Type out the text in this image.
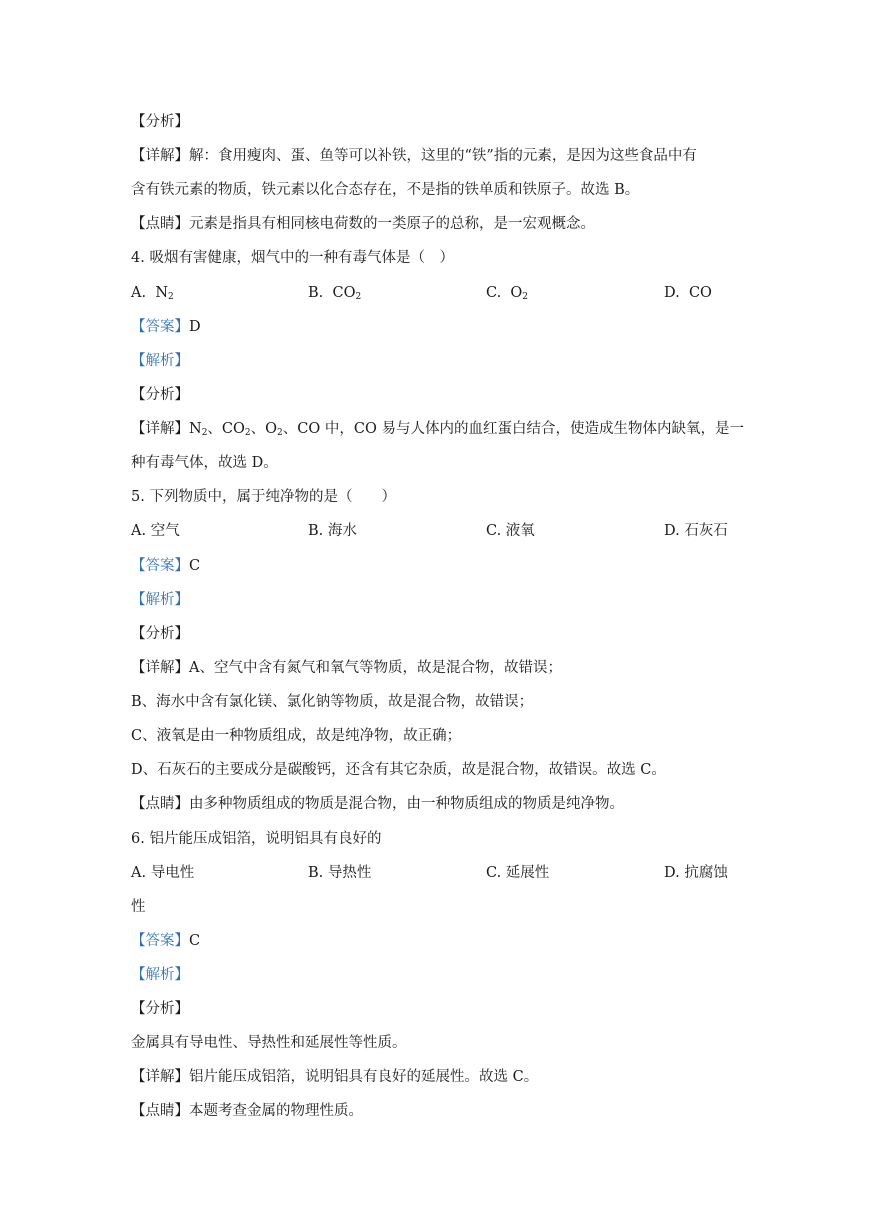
【分析】
【详解】解：食用瘦肉、蛋、鱼等可以补铁，这里的“铁”指的元素，是因为这些食品中有
含有铁元素的物质，铁元素以化合态存在，不是指的铁单质和铁原子。故选 B。
【点睛】元素是指具有相同核电荷数的一类原子的总称，是一宏观概念。
4. 吸烟有害健康，烟气中的一种有毒气体是（　）
A. $N_2$	B. $CO_2$	C. $O_2$	D. CO
【答案】D
【解析】
【分析】
【详解】$N_2$、$CO_2$、$O_2$、CO 中，CO 易与人体内的血红蛋白结合，使造成生物体内缺氧，是一
种有毒气体，故选 D。
5. 下列物质中，属于纯净物的是（　　）
A. 空气	B. 海水	C. 液氧	D. 石灰石
【答案】C
【解析】
【分析】
【详解】A、空气中含有氮气和氧气等物质，故是混合物，故错误；
B、海水中含有氯化镁、氯化钠等物质，故是混合物，故错误；
C、液氧是由一种物质组成，故是纯净物，故正确；
D、石灰石的主要成分是碳酸钙，还含有其它杂质，故是混合物，故错误。故选 C。
【点睛】由多种物质组成的物质是混合物，由一种物质组成的物质是纯净物。
6. 铝片能压成铝箔，说明铝具有良好的
A. 导电性	B. 导热性	C. 延展性	D. 抗腐蚀
性
【答案】C
【解析】
【分析】
金属具有导电性、导热性和延展性等性质。
【详解】铝片能压成铝箔，说明铝具有良好的延展性。故选 C。
【点睛】本题考查金属的物理性质。
